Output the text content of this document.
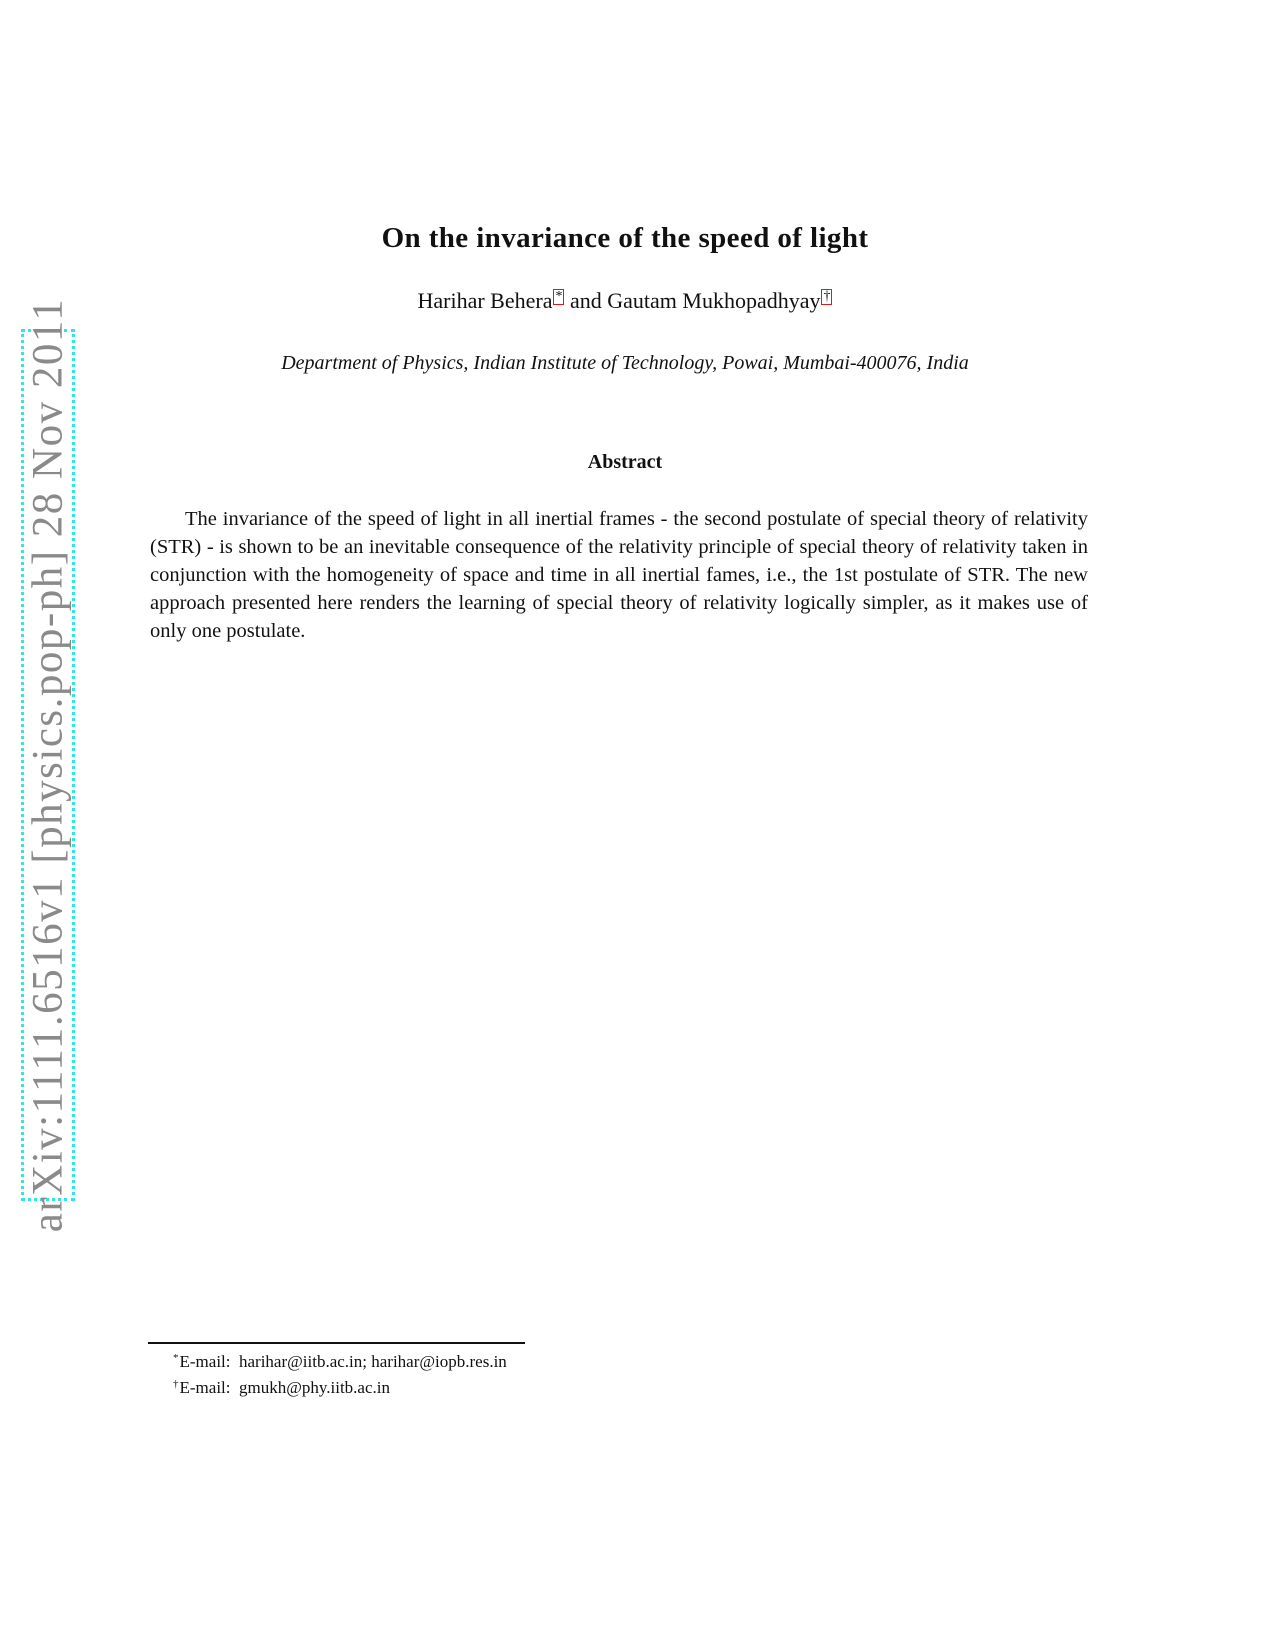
arXiv:1111.6516v1 [physics.pop-ph] 28 Nov 2011
On the invariance of the speed of light
Harihar Behera * and Gautam Mukhopadhyay †
Department of Physics, Indian Institute of Technology, Powai, Mumbai-400076, India
Abstract

The invariance of the speed of light in all inertial frames - the second postulate of special theory of relativity (STR) - is shown to be an inevitable consequence of the relativity principle of special theory of relativity taken in conjunction with the homogeneity of space and time in all inertial fames, i.e., the 1st postulate of STR. The new approach presented here renders the learning of special theory of relativity logically simpler, as it makes use of only one postulate.

*E-mail:  harihar@iitb.ac.in; harihar@iopb.res.in
†E-mail:  gmukh@phy.iitb.ac.in
